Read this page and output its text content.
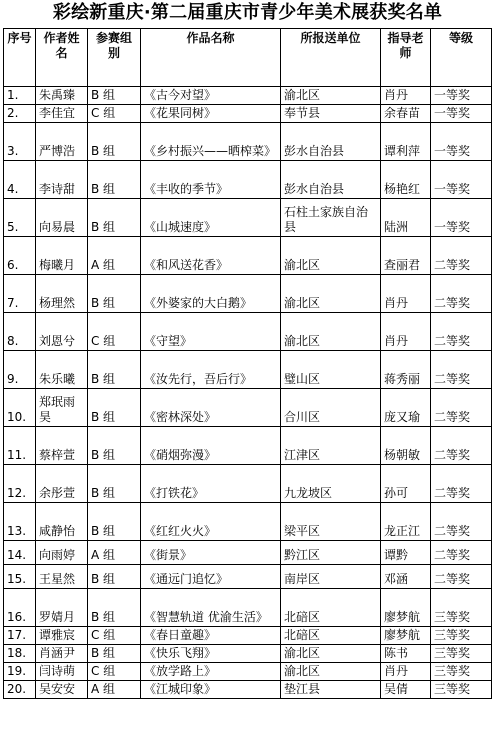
彩绘新重庆·第二届重庆市青少年美术展获奖名单
序号	作者姓名	参赛组别	作品名称	所报送单位	指导老师	等级
1.	朱禹臻	B 组	《古今对望》	渝北区	肖丹	一等奖
2.	李佳宜	C 组	《花果同树》	奉节县	余春苗	一等奖
3.	严博浩	B 组	《乡村振兴——晒榨菜》	彭水自治县	谭利萍	一等奖
4.	李诗甜	B 组	《丰收的季节》	彭水自治县	杨艳红	一等奖
5.	向易晨	B 组	《山城速度》	石柱土家族自治县	陆洲	一等奖
6.	梅曦月	A 组	《和风送花香》	渝北区	查丽君	二等奖
7.	杨理然	B 组	《外婆家的大白鹅》	渝北区	肖丹	二等奖
8.	刘恩兮	C 组	《守望》	渝北区	肖丹	二等奖
9.	朱乐曦	B 组	《汝先行，吾后行》	璧山区	蒋秀丽	二等奖
10.	郑珉雨昊	B 组	《密林深处》	合川区	庞又瑜	二等奖
11.	蔡梓萱	B 组	《硝烟弥漫》	江津区	杨朝敏	二等奖
12.	余彤萱	B 组	《打铁花》	九龙坡区	孙可	二等奖
13.	咸静怡	B 组	《红红火火》	梁平区	龙正江	二等奖
14.	向雨婷	A 组	《街景》	黔江区	谭黔	二等奖
15.	王星然	B 组	《通远门追忆》	南岸区	邓涵	二等奖
16.	罗婧月	B 组	《智慧轨道 优渝生活》	北碚区	廖梦航	三等奖
17.	谭雅宸	C 组	《春日童趣》	北碚区	廖梦航	三等奖
18.	肖涵尹	B 组	《快乐飞翔》	渝北区	陈书	三等奖
19.	闫诗萌	C 组	《放学路上》	渝北区	肖丹	三等奖
20.	吴安安	A 组	《江城印象》	垫江县	吴倩	三等奖
